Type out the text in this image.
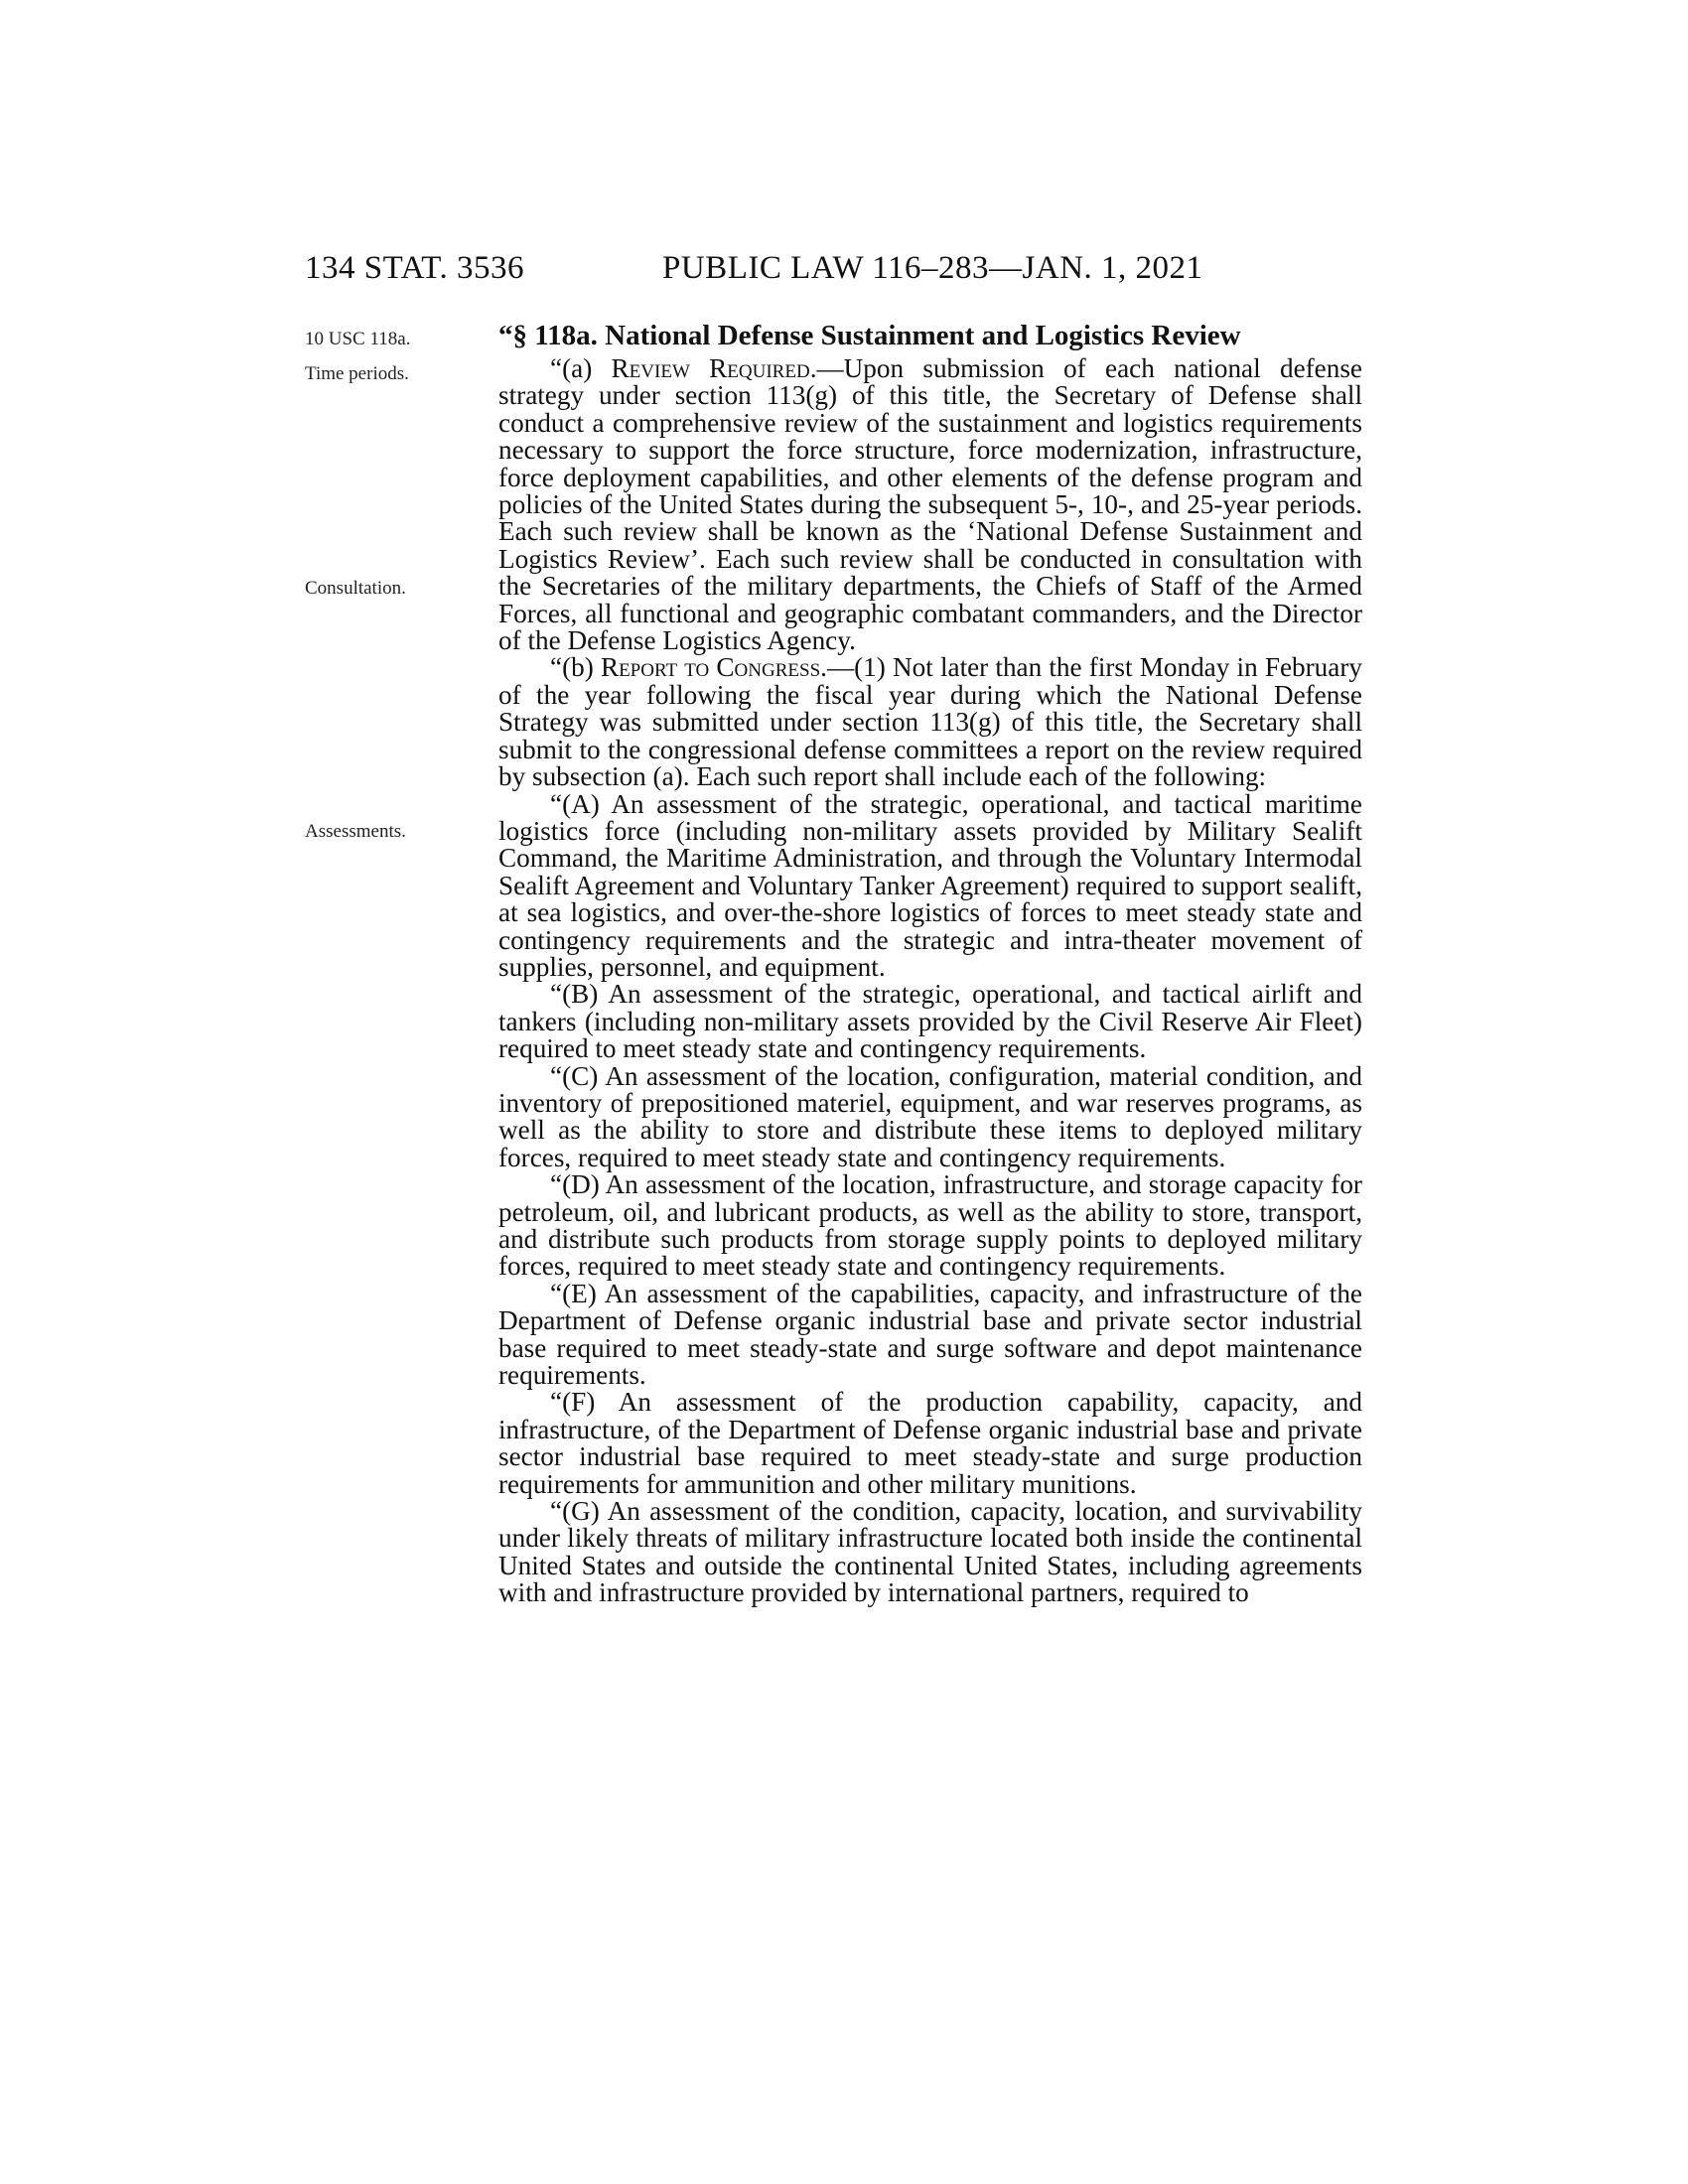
134 STAT. 3536	PUBLIC LAW 116–283—JAN. 1, 2021
10 USC 118a.
Time periods.
Consultation.
Assessments.
“§ 118a. National Defense Sustainment and Logistics Review

“(a) Review Required.—Upon submission of each national defense strategy under section 113(g) of this title, the Secretary of Defense shall conduct a comprehensive review of the sustainment and logistics requirements necessary to support the force structure, force modernization, infrastructure, force deployment capabilities, and other elements of the defense program and policies of the United States during the subsequent 5-, 10-, and 25-year periods. Each such review shall be known as the ‘National Defense Sustainment and Logistics Review’. Each such review shall be conducted in consultation with the Secretaries of the military departments, the Chiefs of Staff of the Armed Forces, all functional and geographic combatant commanders, and the Director of the Defense Logistics Agency.

“(b) Report to Congress.—(1) Not later than the first Monday in February of the year following the fiscal year during which the National Defense Strategy was submitted under section 113(g) of this title, the Secretary shall submit to the congressional defense committees a report on the review required by subsection (a). Each such report shall include each of the following:

“(A) An assessment of the strategic, operational, and tactical maritime logistics force (including non-military assets provided by Military Sealift Command, the Maritime Administration, and through the Voluntary Intermodal Sealift Agreement and Voluntary Tanker Agreement) required to support sealift, at sea logistics, and over-the-shore logistics of forces to meet steady state and contingency requirements and the strategic and intra-theater movement of supplies, personnel, and equipment.

“(B) An assessment of the strategic, operational, and tactical airlift and tankers (including non-military assets provided by the Civil Reserve Air Fleet) required to meet steady state and contingency requirements.

“(C) An assessment of the location, configuration, material condition, and inventory of prepositioned materiel, equipment, and war reserves programs, as well as the ability to store and distribute these items to deployed military forces, required to meet steady state and contingency requirements.

“(D) An assessment of the location, infrastructure, and storage capacity for petroleum, oil, and lubricant products, as well as the ability to store, transport, and distribute such products from storage supply points to deployed military forces, required to meet steady state and contingency requirements.

“(E) An assessment of the capabilities, capacity, and infrastructure of the Department of Defense organic industrial base and private sector industrial base required to meet steady-state and surge software and depot maintenance requirements.

“(F) An assessment of the production capability, capacity, and infrastructure, of the Department of Defense organic industrial base and private sector industrial base required to meet steady-state and surge production requirements for ammunition and other military munitions.

“(G) An assessment of the condition, capacity, location, and survivability under likely threats of military infrastructure located both inside the continental United States and outside the continental United States, including agreements with and infrastructure provided by international partners, required to
